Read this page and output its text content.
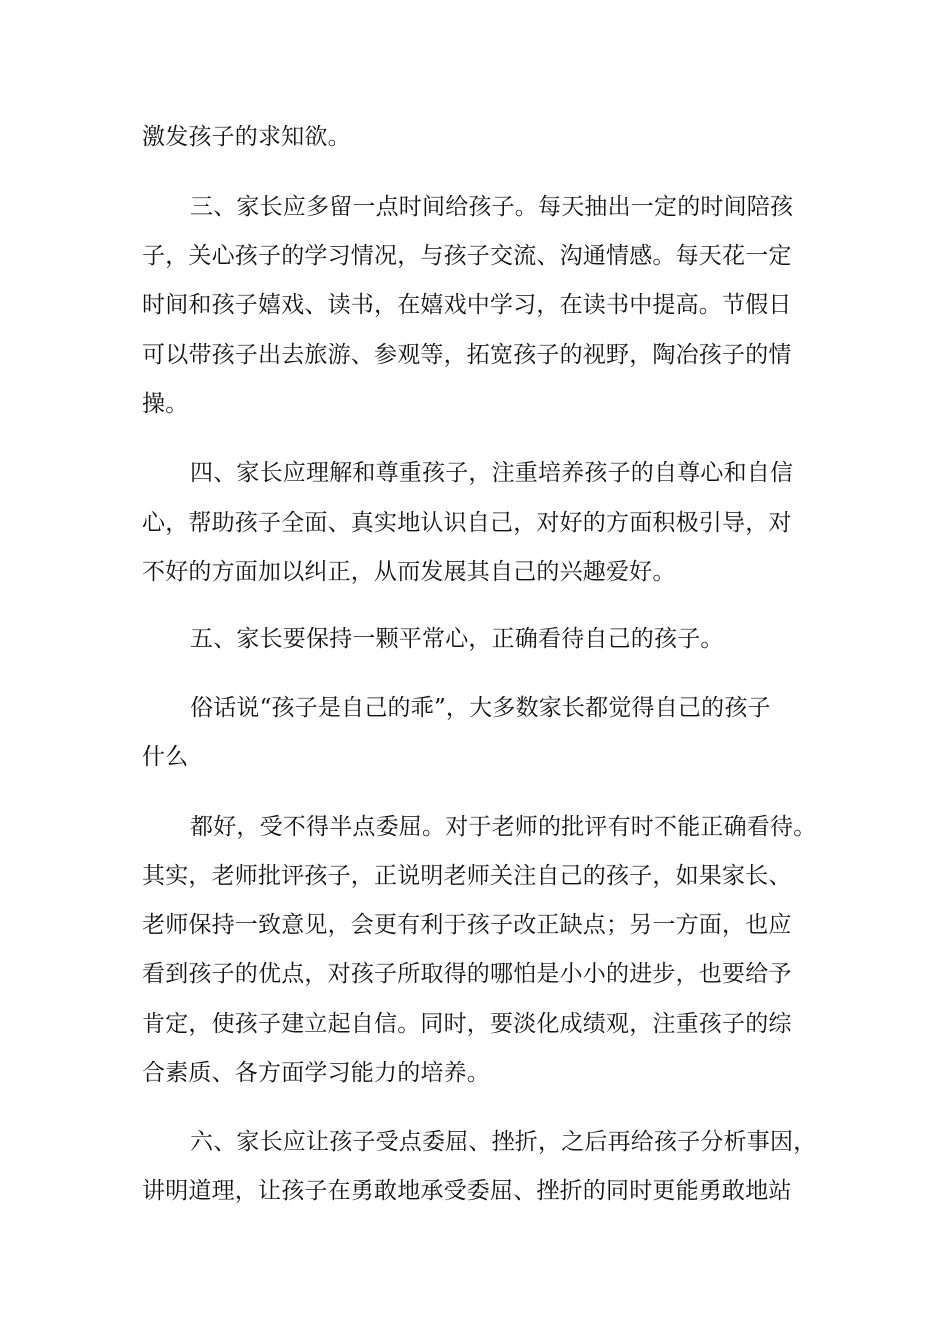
激发孩子的求知欲。
三、家长应多留一点时间给孩子。每天抽出一定的时间陪孩
子，关心孩子的学习情况，与孩子交流、沟通情感。每天花一定
时间和孩子嬉戏、读书，在嬉戏中学习，在读书中提高。节假日
可以带孩子出去旅游、参观等，拓宽孩子的视野，陶冶孩子的情
操。
四、家长应理解和尊重孩子，注重培养孩子的自尊心和自信
心，帮助孩子全面、真实地认识自己，对好的方面积极引导，对
不好的方面加以纠正，从而发展其自己的兴趣爱好。
五、家长要保持一颗平常心，正确看待自己的孩子。
俗话说“孩子是自己的乖”，大多数家长都觉得自己的孩子
什么
都好，受不得半点委屈。对于老师的批评有时不能正确看待。
其实，老师批评孩子，正说明老师关注自己的孩子，如果家长、
老师保持一致意见，会更有利于孩子改正缺点；另一方面，也应
看到孩子的优点，对孩子所取得的哪怕是小小的进步，也要给予
肯定，使孩子建立起自信。同时，要淡化成绩观，注重孩子的综
合素质、各方面学习能力的培养。
六、家长应让孩子受点委屈、挫折，之后再给孩子分析事因，
讲明道理，让孩子在勇敢地承受委屈、挫折的同时更能勇敢地站
